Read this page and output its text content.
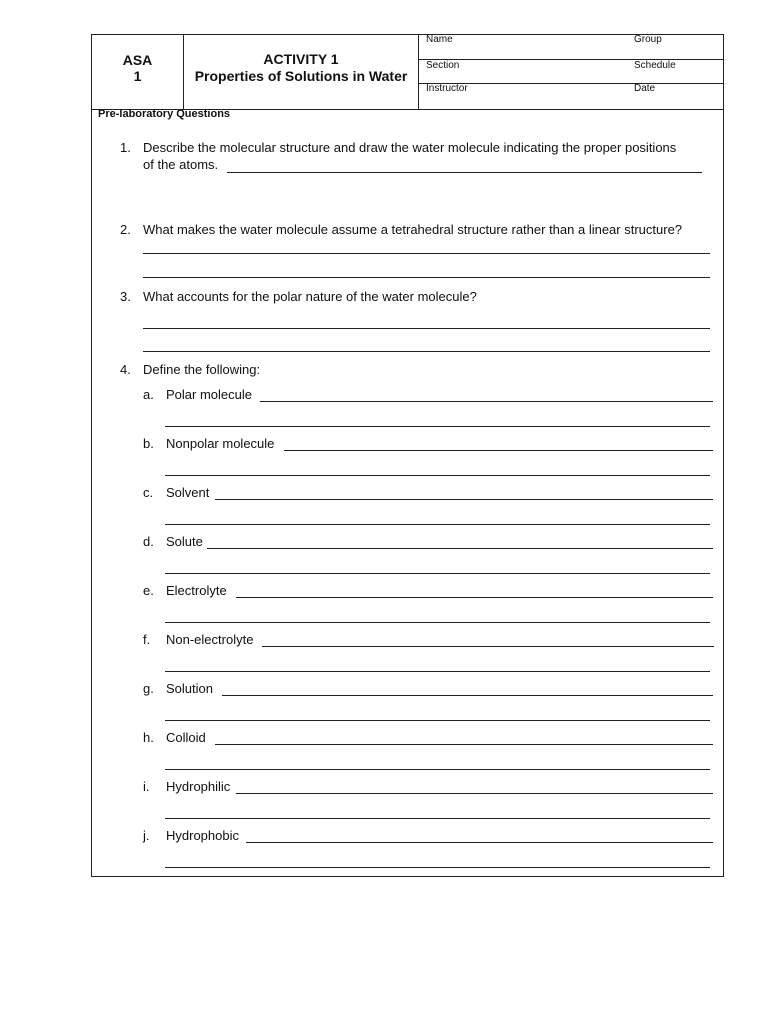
ASA
1
ACTIVITY 1
Properties of Solutions in Water
Name	Group
Section	Schedule
Instructor	Date
Pre-laboratory Questions
1. Describe the molecular structure and draw the water molecule indicating the proper positions
of the atoms.
2. What makes the water molecule assume a tetrahedral structure rather than a linear structure?
3. What accounts for the polar nature of the water molecule?
4. Define the following:
a. Polar molecule
b. Nonpolar molecule
c. Solvent
d. Solute
e. Electrolyte
f. Non-electrolyte
g. Solution
h. Colloid
i. Hydrophilic
j. Hydrophobic
